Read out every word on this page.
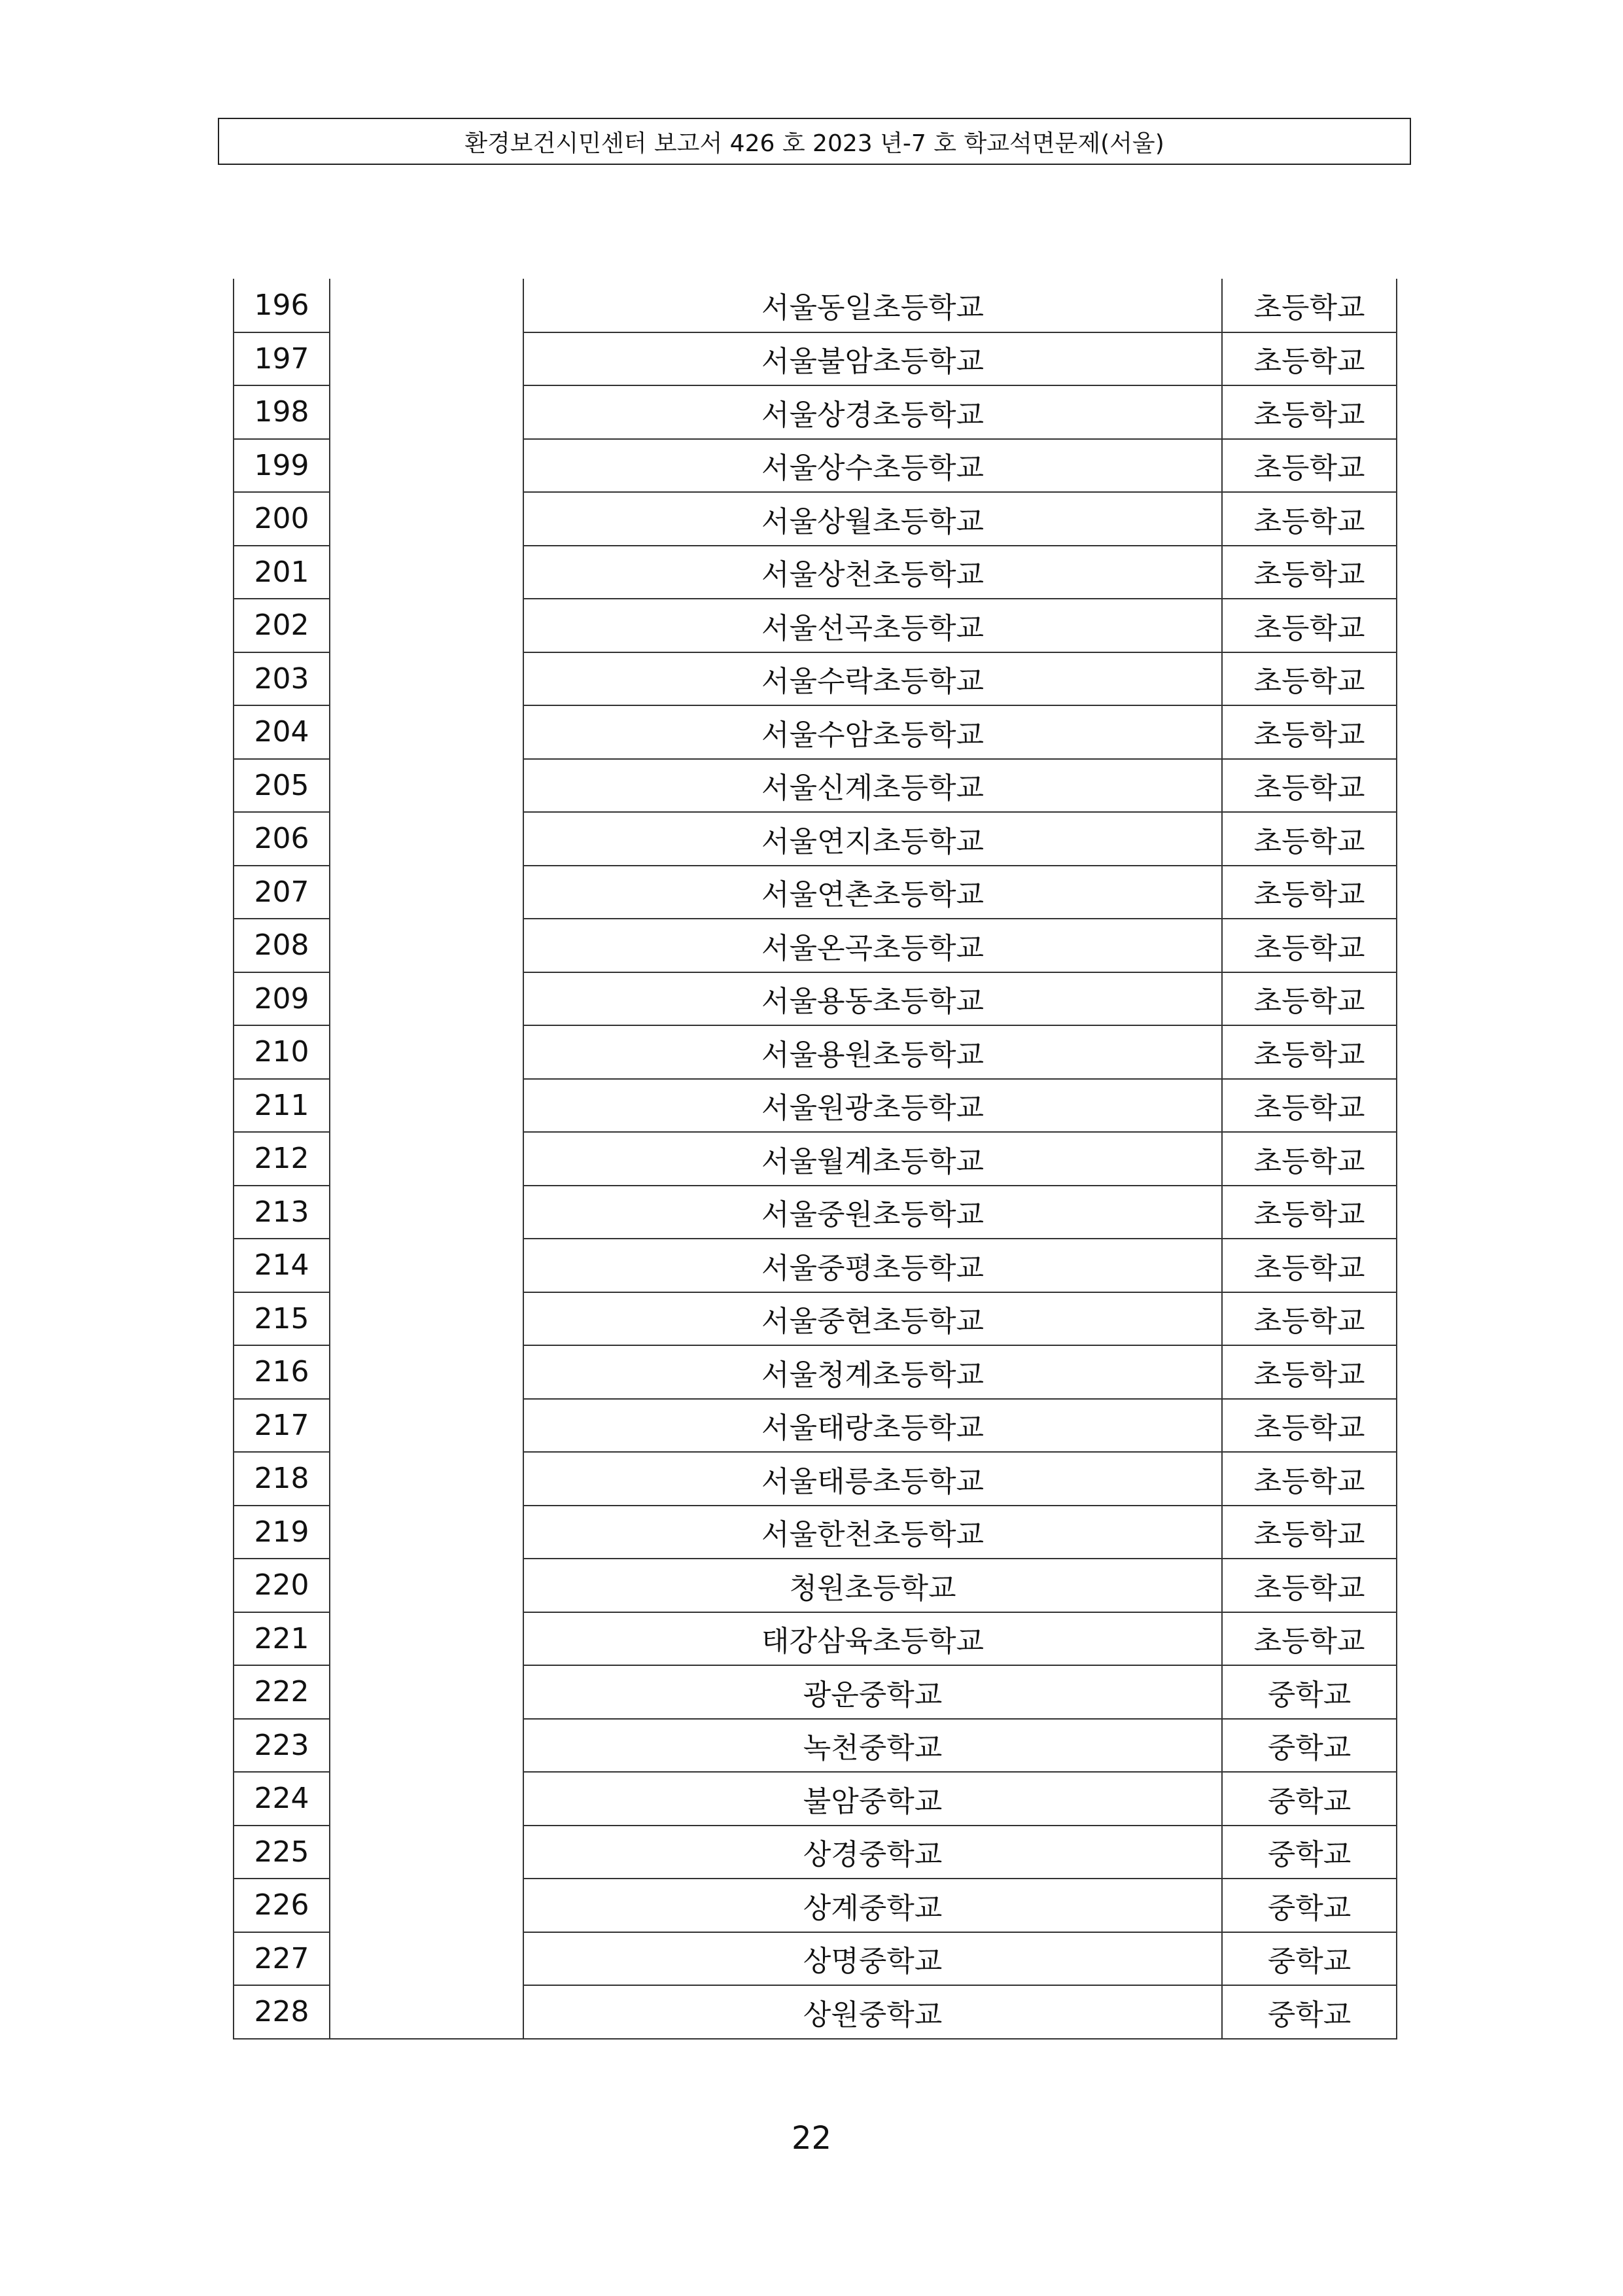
환경보건시민센터 보고서 426 호 2023 년-7 호 학교석면문제(서울)
196		서울동일초등학교	초등학교
197		서울불암초등학교	초등학교
198		서울상경초등학교	초등학교
199		서울상수초등학교	초등학교
200		서울상월초등학교	초등학교
201		서울상천초등학교	초등학교
202		서울선곡초등학교	초등학교
203		서울수락초등학교	초등학교
204		서울수암초등학교	초등학교
205		서울신계초등학교	초등학교
206		서울연지초등학교	초등학교
207		서울연촌초등학교	초등학교
208		서울온곡초등학교	초등학교
209		서울용동초등학교	초등학교
210		서울용원초등학교	초등학교
211		서울원광초등학교	초등학교
212		서울월계초등학교	초등학교
213		서울중원초등학교	초등학교
214		서울중평초등학교	초등학교
215		서울중현초등학교	초등학교
216		서울청계초등학교	초등학교
217		서울태랑초등학교	초등학교
218		서울태릉초등학교	초등학교
219		서울한천초등학교	초등학교
220		청원초등학교	초등학교
221		태강삼육초등학교	초등학교
222		광운중학교	중학교
223		녹천중학교	중학교
224		불암중학교	중학교
225		상경중학교	중학교
226		상계중학교	중학교
227		상명중학교	중학교
228		상원중학교	중학교
22
